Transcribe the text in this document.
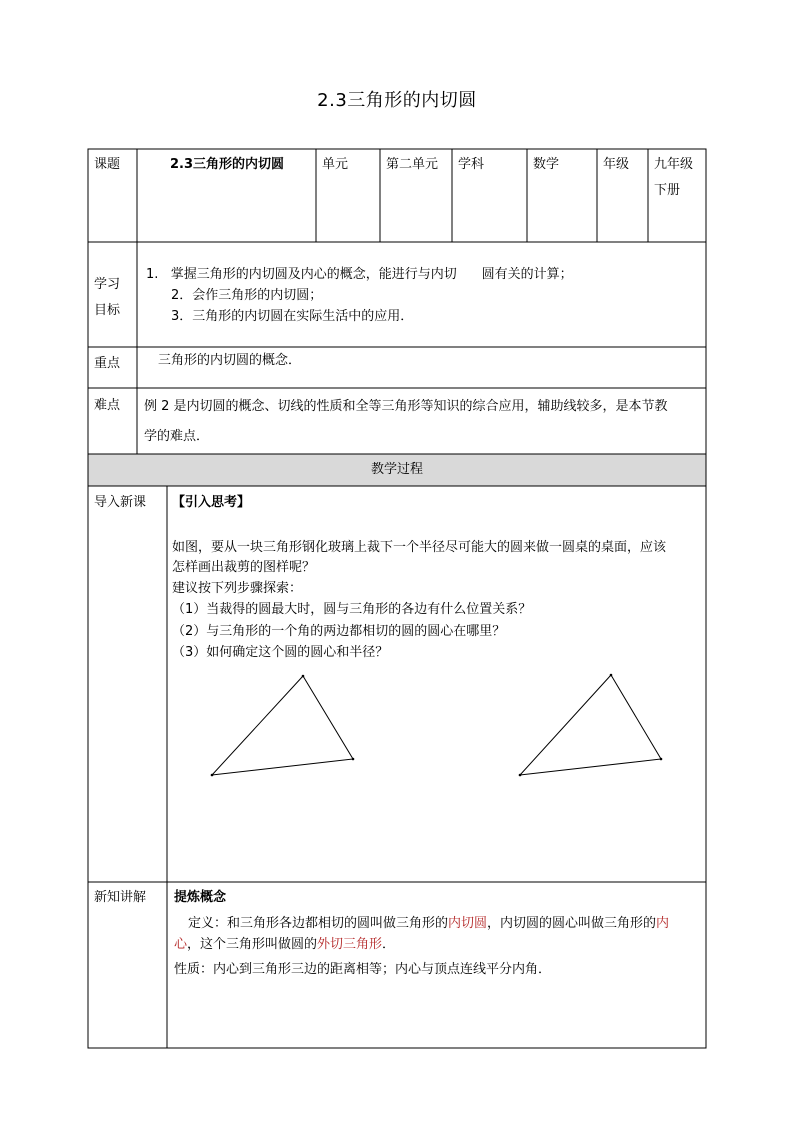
2.3三角形的内切圆
课题	2.3三角形的内切圆	单元	第二单元 学科	数学	年级 九年级
下册
学习
目标
1.   掌握三角形的内切圆及内心的概念，能进行与内切      圆有关的计算；
2．会作三角形的内切圆；
3．三角形的内切圆在实际生活中的应用．
重点	三角形的内切圆的概念．
难点 例 2 是内切圆的概念、切线的性质和全等三角形等知识的综合应用，辅助线较多，是本节教
学的难点．
教学过程
导入新课 【引入思考】
如图，要从一块三角形钢化玻璃上裁下一个半径尽可能大的圆来做一圆桌的桌面，应该
怎样画出裁剪的图样呢？
建议按下列步骤探索：
（1）当裁得的圆最大时，圆与三角形的各边有什么位置关系？
（2）与三角形的一个角的两边都相切的圆的圆心在哪里？
（3）如何确定这个圆的圆心和半径？
新知讲解 提炼概念
定义：和三角形各边都相切的圆叫做三角形的内切圆，内切圆的圆心叫做三角形的内
心，这个三角形叫做圆的外切三角形．
性质：内心到三角形三边的距离相等；内心与顶点连线平分内角．
